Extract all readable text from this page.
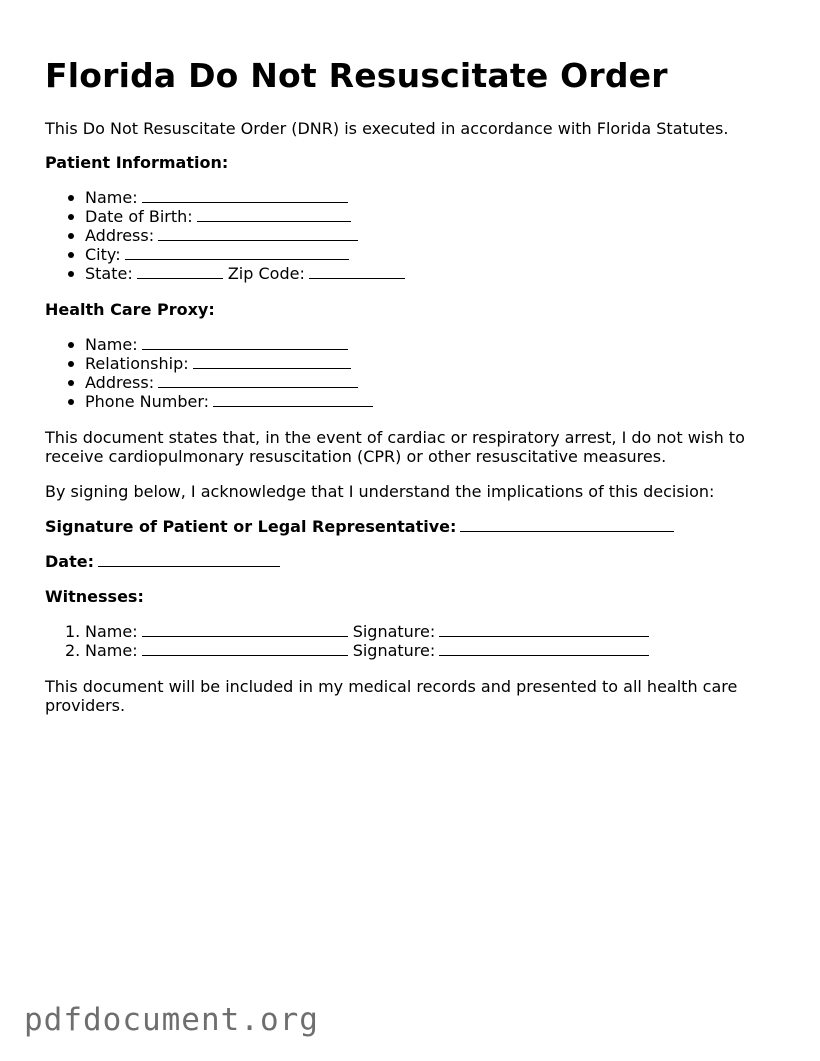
Florida Do Not Resuscitate Order

This Do Not Resuscitate Order (DNR) is executed in accordance with Florida Statutes.

Patient Information:

Name:
Date of Birth:
Address:
City:
State:	Zip Code:

Health Care Proxy:

Name:
Relationship:
Address:
Phone Number:

This document states that, in the event of cardiac or respiratory arrest, I do not wish to receive cardiopulmonary resuscitation (CPR) or other resuscitative measures.

By signing below, I acknowledge that I understand the implications of this decision:

Signature of Patient or Legal Representative:

Date:

Witnesses:

1. Name:	Signature:
2. Name:	Signature:

This document will be included in my medical records and presented to all health care providers.

pdfdocument.org
